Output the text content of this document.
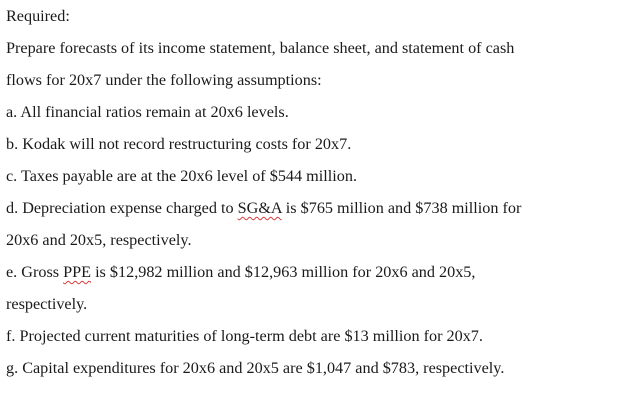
Required:
Prepare forecasts of its income statement, balance sheet, and statement of cash
flows for 20x7 under the following assumptions:
a. All financial ratios remain at 20x6 levels.
b. Kodak will not record restructuring costs for 20x7.
c. Taxes payable are at the 20x6 level of $544 million.
d. Depreciation expense charged to SG&A is $765 million and $738 million for
20x6 and 20x5, respectively.
e. Gross PPE is $12,982 million and $12,963 million for 20x6 and 20x5,
respectively.
f. Projected current maturities of long-term debt are $13 million for 20x7.
g. Capital expenditures for 20x6 and 20x5 are $1,047 and $783, respectively.
